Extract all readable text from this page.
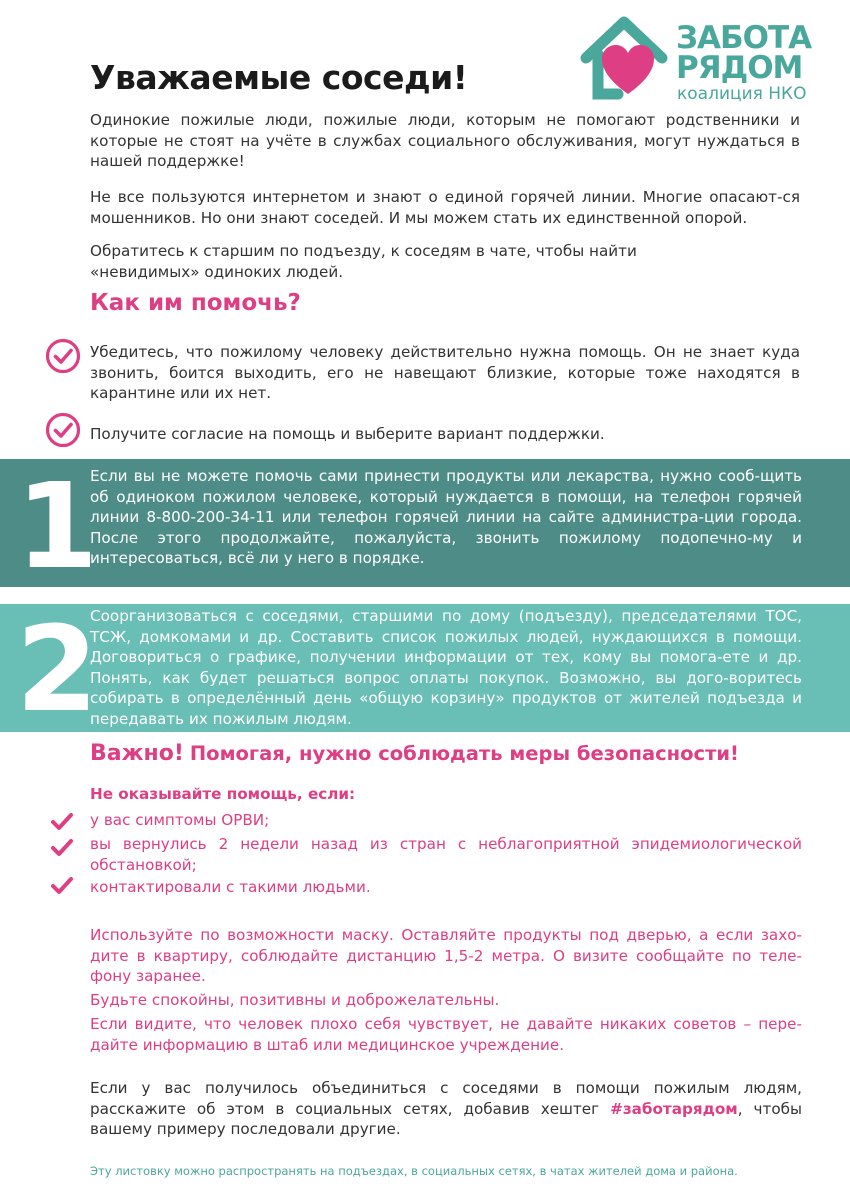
ЗАБОТА
РЯДОМ
коалиция НКО
Уважаемые соседи!
Одинокие пожилые люди, пожилые люди, которым не помогают родственники и которые не стоят на учёте в службах социального обслуживания, могут нуждаться в нашей поддержке!
Не все пользуются интернетом и знают о единой горячей линии. Многие опасают-ся мошенников. Но они знают соседей. И мы можем стать их единственной опорой.
Обратитесь к старшим по подъезду, к соседям в чате, чтобы найти «невидимых» одиноких людей.
Как им помочь?
Убедитесь, что пожилому человеку действительно нужна помощь. Он не знает куда звонить, боится выходить, его не навещают близкие, которые тоже находятся в карантине или их нет.
Получите согласие на помощь и выберите вариант поддержки.
1
Если вы не можете помочь сами принести продукты или лекарства, нужно сооб-щить об одиноком пожилом человеке, который нуждается в помощи, на телефон горячей линии 8-800-200-34-11 или телефон горячей линии на сайте администра-ции города. После этого продолжайте, пожалуйста, звонить пожилому подопечно-му и интересоваться, всё ли у него в порядке.
2
Соорганизоваться с соседями, старшими по дому (подъезду), председателями ТОС, ТСЖ, домкомами и др. Составить список пожилых людей, нуждающихся в помощи. Договориться о графике, получении информации от тех, кому вы помога-ете и др. Понять, как будет решаться вопрос оплаты покупок. Возможно, вы дого-воритесь собирать в определённый день «общую корзину» продуктов от жителей подъезда и передавать их пожилым людям.
Важно! Помогая, нужно соблюдать меры безопасности!
Не оказывайте помощь, если:
у вас симптомы ОРВИ;
вы вернулись 2 недели назад из стран с неблагоприятной эпидемиологической обстановкой;
контактировали с такими людьми.
Используйте по возможности маску. Оставляйте продукты под дверью, а если захо-дите в квартиру, соблюдайте дистанцию 1,5-2 метра. О визите сообщайте по теле-фону заранее.
Будьте спокойны, позитивны и доброжелательны.
Если видите, что человек плохо себя чувствует, не давайте никаких советов – пере-дайте информацию в штаб или медицинское учреждение.
Если у вас получилось объединиться с соседями в помощи пожилым людям, расскажите об этом в социальных сетях, добавив хештег #заботарядом, чтобы вашему примеру последовали другие.
Эту листовку можно распространять на подъездах, в социальных сетях, в чатах жителей дома и района.
